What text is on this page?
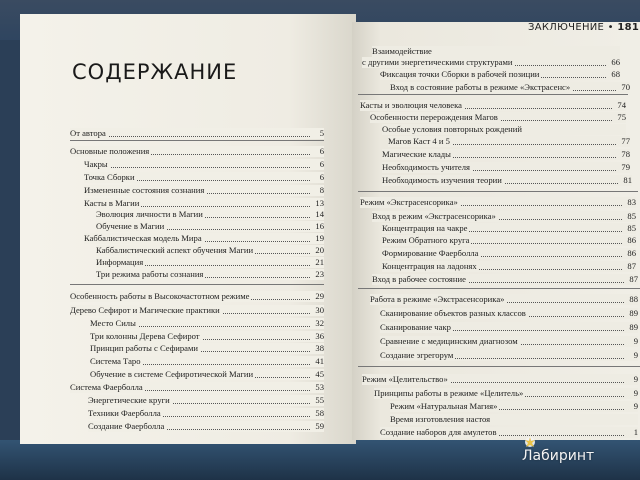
ЗАКЛЮЧЕНИЕ • 181
СОДЕРЖАНИЕ
От автора	5
Основные положения	6
Чакры	6
Точка Сборки	6
Измененные состояния сознания	8
Касты в Магии	13
Эволюция личности в Магии	14
Обучение в Магии	16
Каббалистическая модель Мира	19
Каббалистический аспект обучения Магии	20
Информация	21
Три режима работы сознания	23
Особенность работы в Высокочастотном режиме	29
Дерево Сефирот и Магические практики	30
Место Силы	32
Три колонны Дерева Сефирот	36
Принцип работы с Сефирами	38
Система Таро	41
Обучение в системе Сефиротической Магии	45
Система Фаерболла	53
Энергетические кpуги	55
Техники Фаерболла	58
Создание Фаерболла	59
Взаимодействие
с другими энергетическими структурами	66
Фиксация точки Сборки в рабочей позиции	68
Вход в состояние работы в режиме «Экстрасенс»	70
Касты и эволюция человека	74
Особенности перерождения Магов	75
Особые условия повторных рождений
Магов Каст 4 и 5	77
Магические клады	78
Необходимость учителя	79
Необходимость изучения теории	81
Режим «Экстрасенсорика»	83
Вход в режим «Экстрасенсорика»	85
Концентрация на чакре	85
Режим Обратного круга	86
Формирование Фаерболла	86
Концентрация на ладонях	87
Вход в рабочее состояние	87
Работа в режиме «Экстрасенсорика»	88
Сканирование объектов разных классов	89
Сканирование чакр	89
Сравнение с медицинским диагнозом	9
Создание эгрегорум	9
Режим «Целительство»	9
Принципы работы в режиме «Целитель»	9
Режим «Натуральная Магия»	9
Время изготовления настоя
Создание наборов для амулетов	1
Лабиринт
